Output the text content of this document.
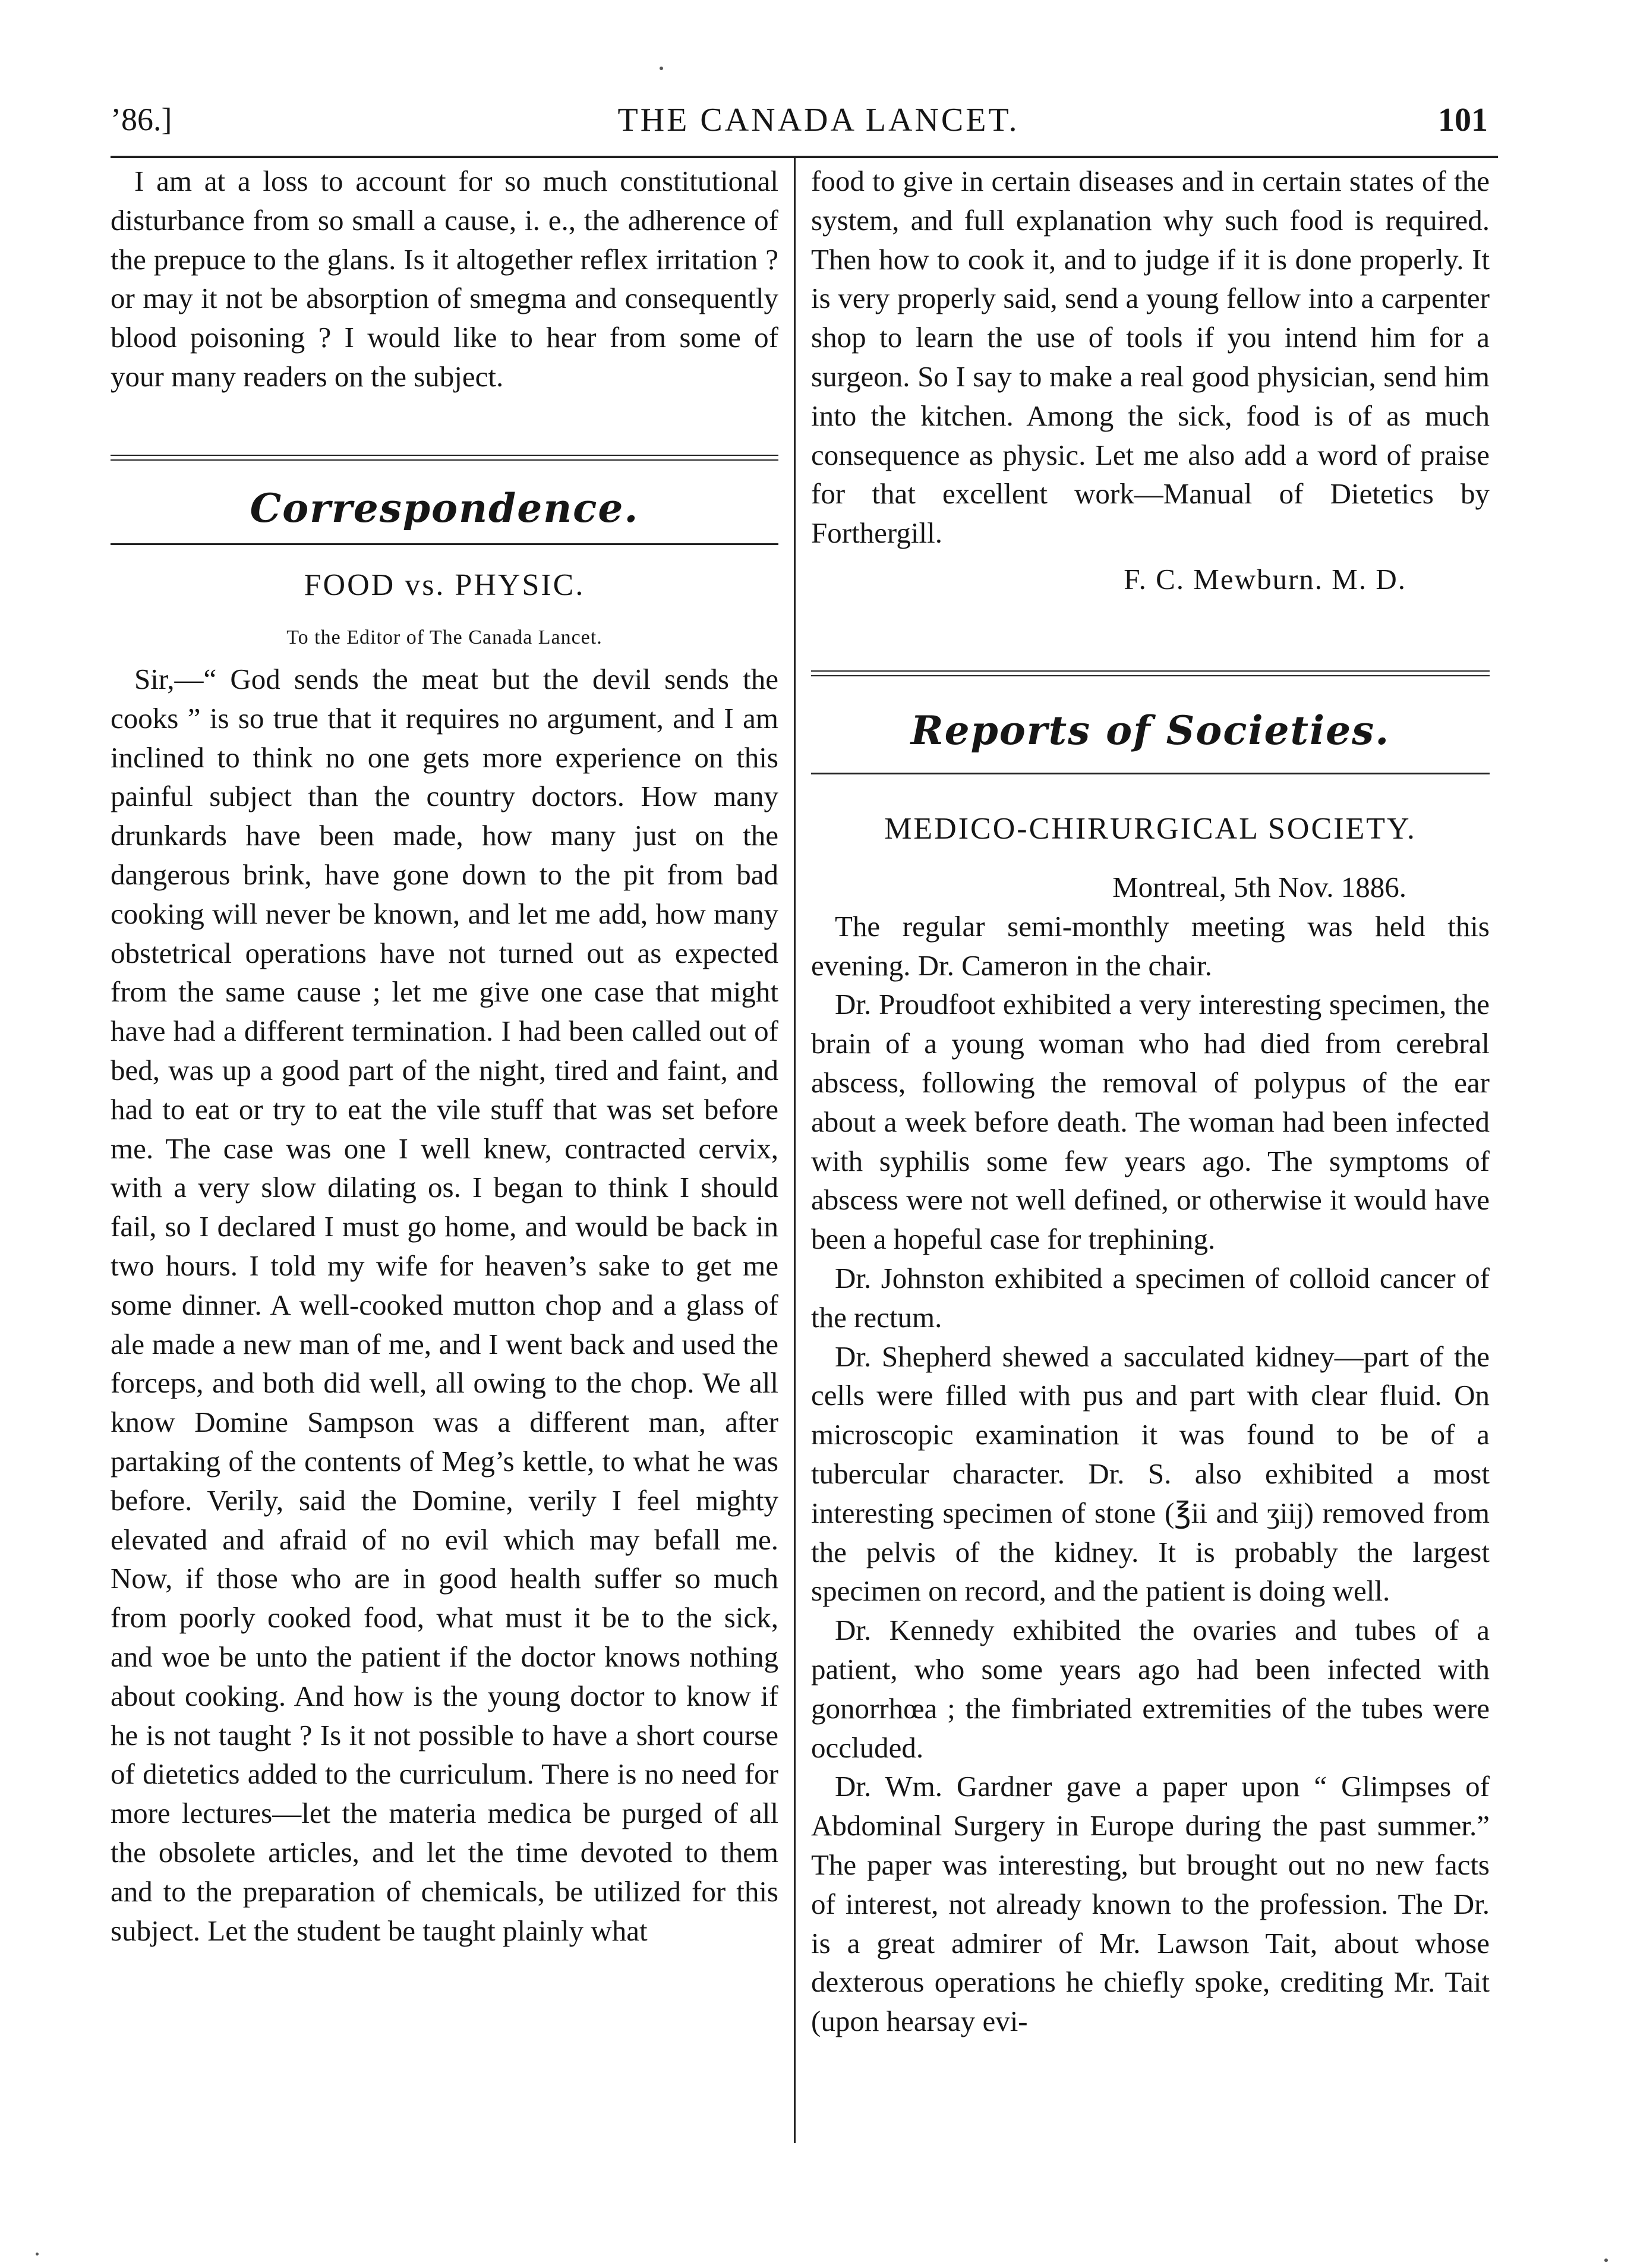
’86.]	THE CANADA LANCET.	101

I am at a loss to account for so much constitutional disturbance from so small a cause, i. e., the adherence of the prepuce to the glans. Is it altogether reflex irritation ? or may it not be absorption of smegma and consequently blood poisoning ? I would like to hear from some of your many readers on the subject.

Correspondence.
FOOD vs. PHYSIC.
To the Editor of The Canada Lancet.

Sir,—“ God sends the meat but the devil sends the cooks ” is so true that it requires no argument, and I am inclined to think no one gets more experience on this painful subject than the country doctors. How many drunkards have been made, how many just on the dangerous brink, have gone down to the pit from bad cooking will never be known, and let me add, how many obstetrical operations have not turned out as expected from the same cause ; let me give one case that might have had a different termination. I had been called out of bed, was up a good part of the night, tired and faint, and had to eat or try to eat the vile stuff that was set before me. The case was one I well knew, contracted cervix, with a very slow dilating os. I began to think I should fail, so I declared I must go home, and would be back in two hours. I told my wife for heaven’s sake to get me some dinner. A well-cooked mutton chop and a glass of ale made a new man of me, and I went back and used the forceps, and both did well, all owing to the chop. We all know Domine Sampson was a different man, after partaking of the contents of Meg’s kettle, to what he was before. Verily, said the Domine, verily I feel mighty elevated and afraid of no evil which may befall me. Now, if those who are in good health suffer so much from poorly cooked food, what must it be to the sick, and woe be unto the patient if the doctor knows nothing about cooking. And how is the young doctor to know if he is not taught ? Is it not possible to have a short course of dietetics added to the curriculum. There is no need for more lectures—let the materia medica be purged of all the obsolete articles, and let the time devoted to them and to the preparation of chemicals, be utilized for this subject. Let the student be taught plainly what

food to give in certain diseases and in certain states of the system, and full explanation why such food is required. Then how to cook it, and to judge if it is done properly. It is very properly said, send a young fellow into a carpenter shop to learn the use of tools if you intend him for a surgeon. So I say to make a real good physician, send him into the kitchen. Among the sick, food is of as much consequence as physic. Let me also add a word of praise for that excellent work—Manual of Dietetics by Forthergill.

F. C. Mewburn. M. D.

Reports of Societies.
MEDICO-CHIRURGICAL SOCIETY.

Montreal, 5th Nov. 1886.

The regular semi-monthly meeting was held this evening. Dr. Cameron in the chair.

Dr. Proudfoot exhibited a very interesting specimen, the brain of a young woman who had died from cerebral abscess, following the removal of polypus of the ear about a week before death. The woman had been infected with syphilis some few years ago. The symptoms of abscess were not well defined, or otherwise it would have been a hopeful case for trephining.

Dr. Johnston exhibited a specimen of colloid cancer of the rectum.

Dr. Shepherd shewed a sacculated kidney—part of the cells were filled with pus and part with clear fluid. On microscopic examination it was found to be of a tubercular character. Dr. S. also exhibited a most interesting specimen of stone (℥ii and ʒiij) removed from the pelvis of the kidney. It is probably the largest specimen on record, and the patient is doing well.

Dr. Kennedy exhibited the ovaries and tubes of a patient, who some years ago had been infected with gonorrhœa ; the fimbriated extremities of the tubes were occluded.

Dr. Wm. Gardner gave a paper upon “ Glimpses of Abdominal Surgery in Europe during the past summer.” The paper was interesting, but brought out no new facts of interest, not already known to the profession. The Dr. is a great admirer of Mr. Lawson Tait, about whose dexterous operations he chiefly spoke, crediting Mr. Tait (upon hearsay evi-
